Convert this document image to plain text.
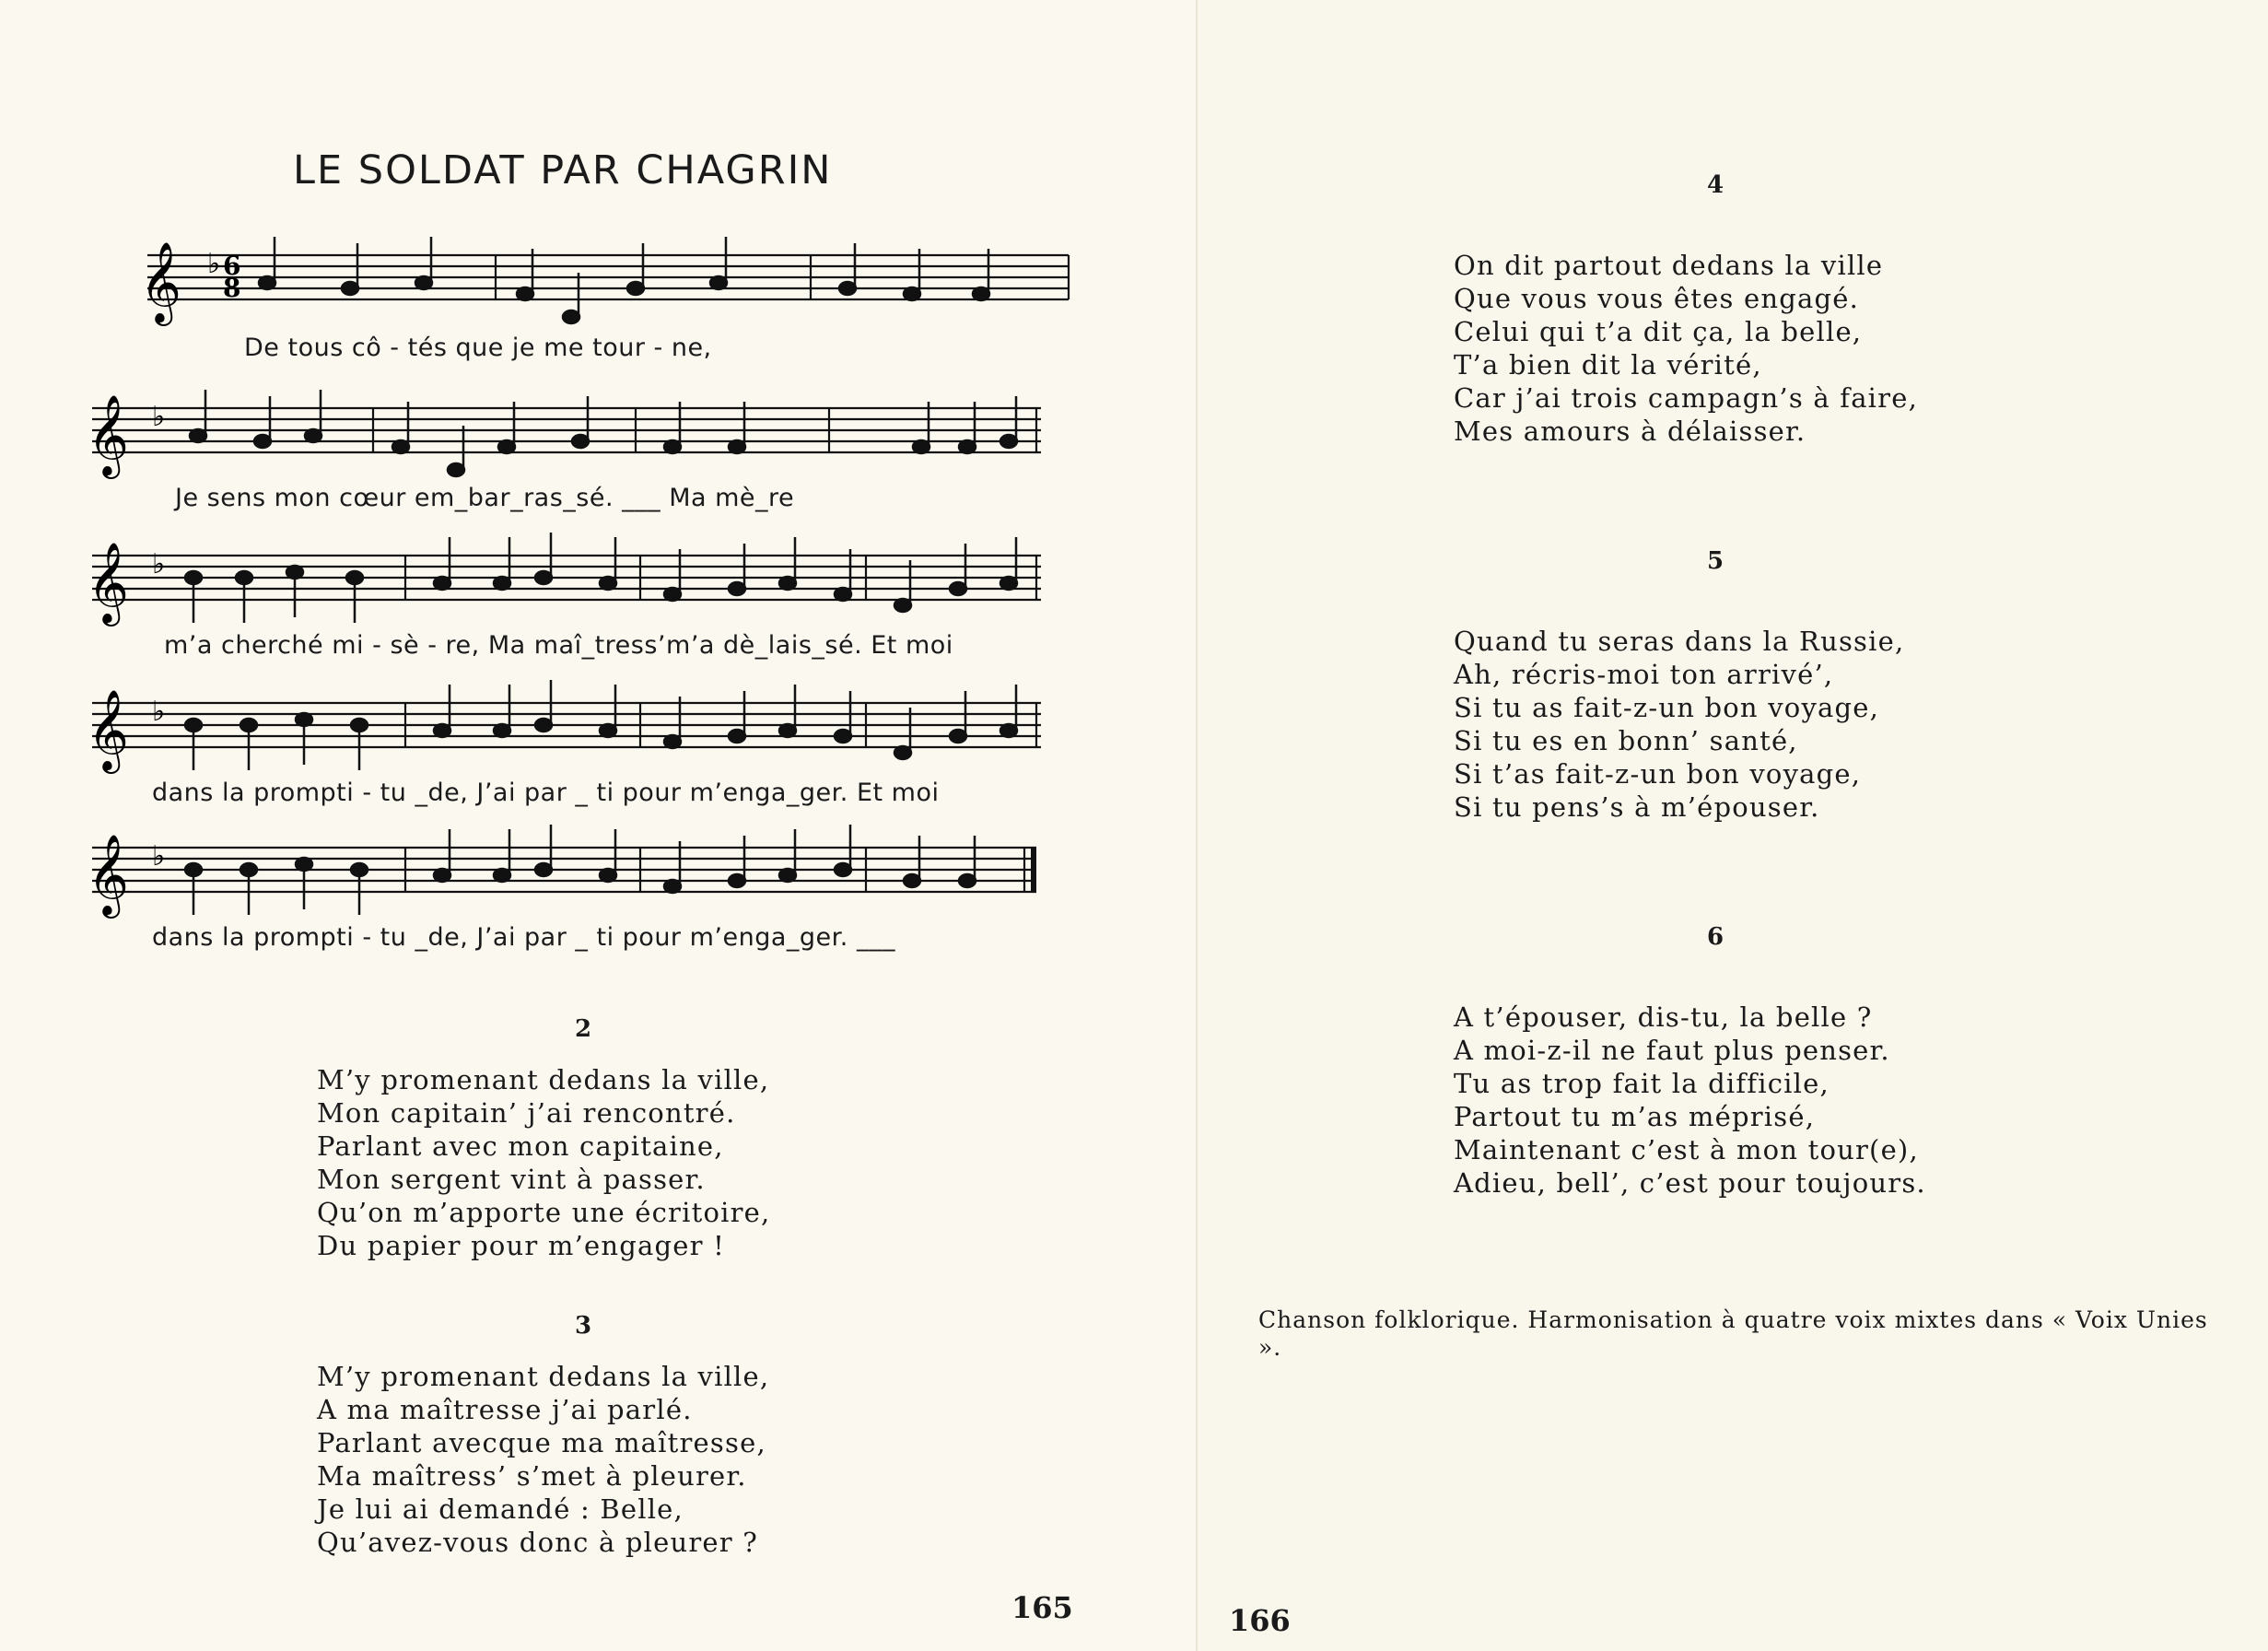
LE SOLDAT PAR CHAGRIN
𝄞 ♭ 6
8
De tous cô - tés que je me tour - ne,
𝄞 ♭
Je sens mon cœur em_bar_ras_sé. ___ Ma mè_re
𝄞 ♭
m’a cherché mi - sè - re, Ma maî_tress’m’a dè_lais_sé. Et moi
𝄞 ♭
dans la prompti - tu _de, J’ai par _ ti pour m’enga_ger. Et moi
𝄞 ♭
dans la prompti - tu _de, J’ai par _ ti pour m’enga_ger. ___
2
M’y promenant dedans la ville,
Mon capitain’ j’ai rencontré.
Parlant avec mon capitaine,
Mon sergent vint à passer.
Qu’on m’apporte une écritoire,
Du papier pour m’engager !
3
M’y promenant dedans la ville,
A ma maîtresse j’ai parlé.
Parlant avecque ma maîtresse,
Ma maîtress’ s’met à pleurer.
Je lui ai demandé : Belle,
Qu’avez-vous donc à pleurer ?
165
4
On dit partout dedans la ville
Que vous vous êtes engagé.
Celui qui t’a dit ça, la belle,
T’a bien dit la vérité,
Car j’ai trois campagn’s à faire,
Mes amours à délaisser.
5
Quand tu seras dans la Russie,
Ah, récris-moi ton arrivé’,
Si tu as fait-z-un bon voyage,
Si tu es en bonn’ santé,
Si t’as fait-z-un bon voyage,
Si tu pens’s à m’épouser.
6
A t’épouser, dis-tu, la belle ?
A moi-z-il ne faut plus penser.
Tu as trop fait la difficile,
Partout tu m’as méprisé,
Maintenant c’est à mon tour(e),
Adieu, bell’, c’est pour toujours.
Chanson folklorique. Harmonisation à quatre voix mixtes dans « Voix Unies ».
166
